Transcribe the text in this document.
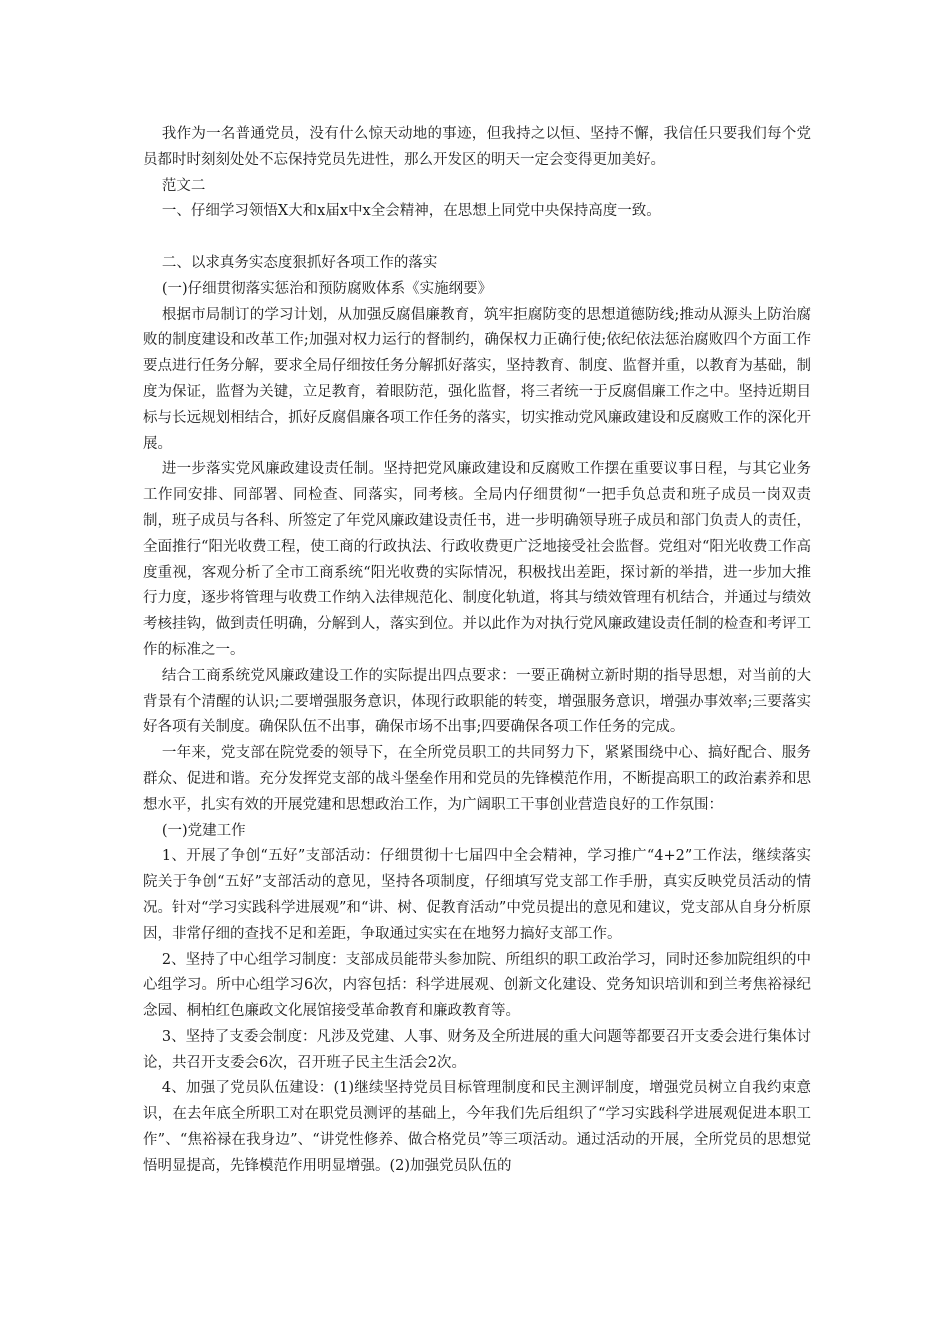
我作为一名普通党员，没有什么惊天动地的事迹，但我持之以恒、坚持不懈，我信任只要我们每个党员都时时刻刻处处不忘保持党员先进性，那么开发区的明天一定会变得更加美好。

范文二

一、仔细学习领悟X大和x届x中x全会精神，在思想上同党中央保持高度一致。

二、以求真务实态度狠抓好各项工作的落实

(一)仔细贯彻落实惩治和预防腐败体系《实施纲要》

根据市局制订的学习计划，从加强反腐倡廉教育，筑牢拒腐防变的思想道德防线;推动从源头上防治腐败的制度建设和改革工作;加强对权力运行的督制约，确保权力正确行使;依纪依法惩治腐败四个方面工作要点进行任务分解，要求全局仔细按任务分解抓好落实，坚持教育、制度、监督并重，以教育为基础，制度为保证，监督为关键，立足教育，着眼防范，强化监督，将三者统一于反腐倡廉工作之中。坚持近期目标与长远规划相结合，抓好反腐倡廉各项工作任务的落实，切实推动党风廉政建设和反腐败工作的深化开展。

进一步落实党风廉政建设责任制。坚持把党风廉政建设和反腐败工作摆在重要议事日程，与其它业务工作同安排、同部署、同检查、同落实，同考核。全局内仔细贯彻“一把手负总责和班子成员一岗双责制，班子成员与各科、所签定了年党风廉政建设责任书，进一步明确领导班子成员和部门负责人的责任，全面推行“阳光收费工程，使工商的行政执法、行政收费更广泛地接受社会监督。党组对“阳光收费工作高度重视，客观分析了全市工商系统“阳光收费的实际情况，积极找出差距，探讨新的举措，进一步加大推行力度，逐步将管理与收费工作纳入法律规范化、制度化轨道，将其与绩效管理有机结合，并通过与绩效考核挂钩，做到责任明确，分解到人，落实到位。并以此作为对执行党风廉政建设责任制的检查和考评工作的标准之一。

结合工商系统党风廉政建设工作的实际提出四点要求：一要正确树立新时期的指导思想，对当前的大背景有个清醒的认识;二要增强服务意识，体现行政职能的转变，增强服务意识，增强办事效率;三要落实好各项有关制度。确保队伍不出事，确保市场不出事;四要确保各项工作任务的完成。

一年来，党支部在院党委的领导下，在全所党员职工的共同努力下，紧紧围绕中心、搞好配合、服务群众、促进和谐。充分发挥党支部的战斗堡垒作用和党员的先锋模范作用，不断提高职工的政治素养和思想水平，扎实有效的开展党建和思想政治工作，为广阔职工干事创业营造良好的工作氛围：

(一)党建工作

1、开展了争创“五好”支部活动：仔细贯彻十七届四中全会精神，学习推广“4+2”工作法，继续落实院关于争创“五好”支部活动的意见，坚持各项制度，仔细填写党支部工作手册，真实反映党员活动的情况。针对“学习实践科学进展观”和“讲、树、促教育活动”中党员提出的意见和建议，党支部从自身分析原因，非常仔细的查找不足和差距，争取通过实实在在地努力搞好支部工作。

2、坚持了中心组学习制度：支部成员能带头参加院、所组织的职工政治学习，同时还参加院组织的中心组学习。所中心组学习6次，内容包括：科学进展观、创新文化建设、党务知识培训和到兰考焦裕禄纪念园、桐柏红色廉政文化展馆接受革命教育和廉政教育等。

3、坚持了支委会制度：凡涉及党建、人事、财务及全所进展的重大问题等都要召开支委会进行集体讨论，共召开支委会6次，召开班子民主生活会2次。

4、加强了党员队伍建设：(1)继续坚持党员目标管理制度和民主测评制度，增强党员树立自我约束意识，在去年底全所职工对在职党员测评的基础上，今年我们先后组织了“学习实践科学进展观促进本职工作”、“焦裕禄在我身边”、“讲党性修养、做合格党员”等三项活动。通过活动的开展，全所党员的思想觉悟明显提高，先锋模范作用明显增强。(2)加强党员队伍的
